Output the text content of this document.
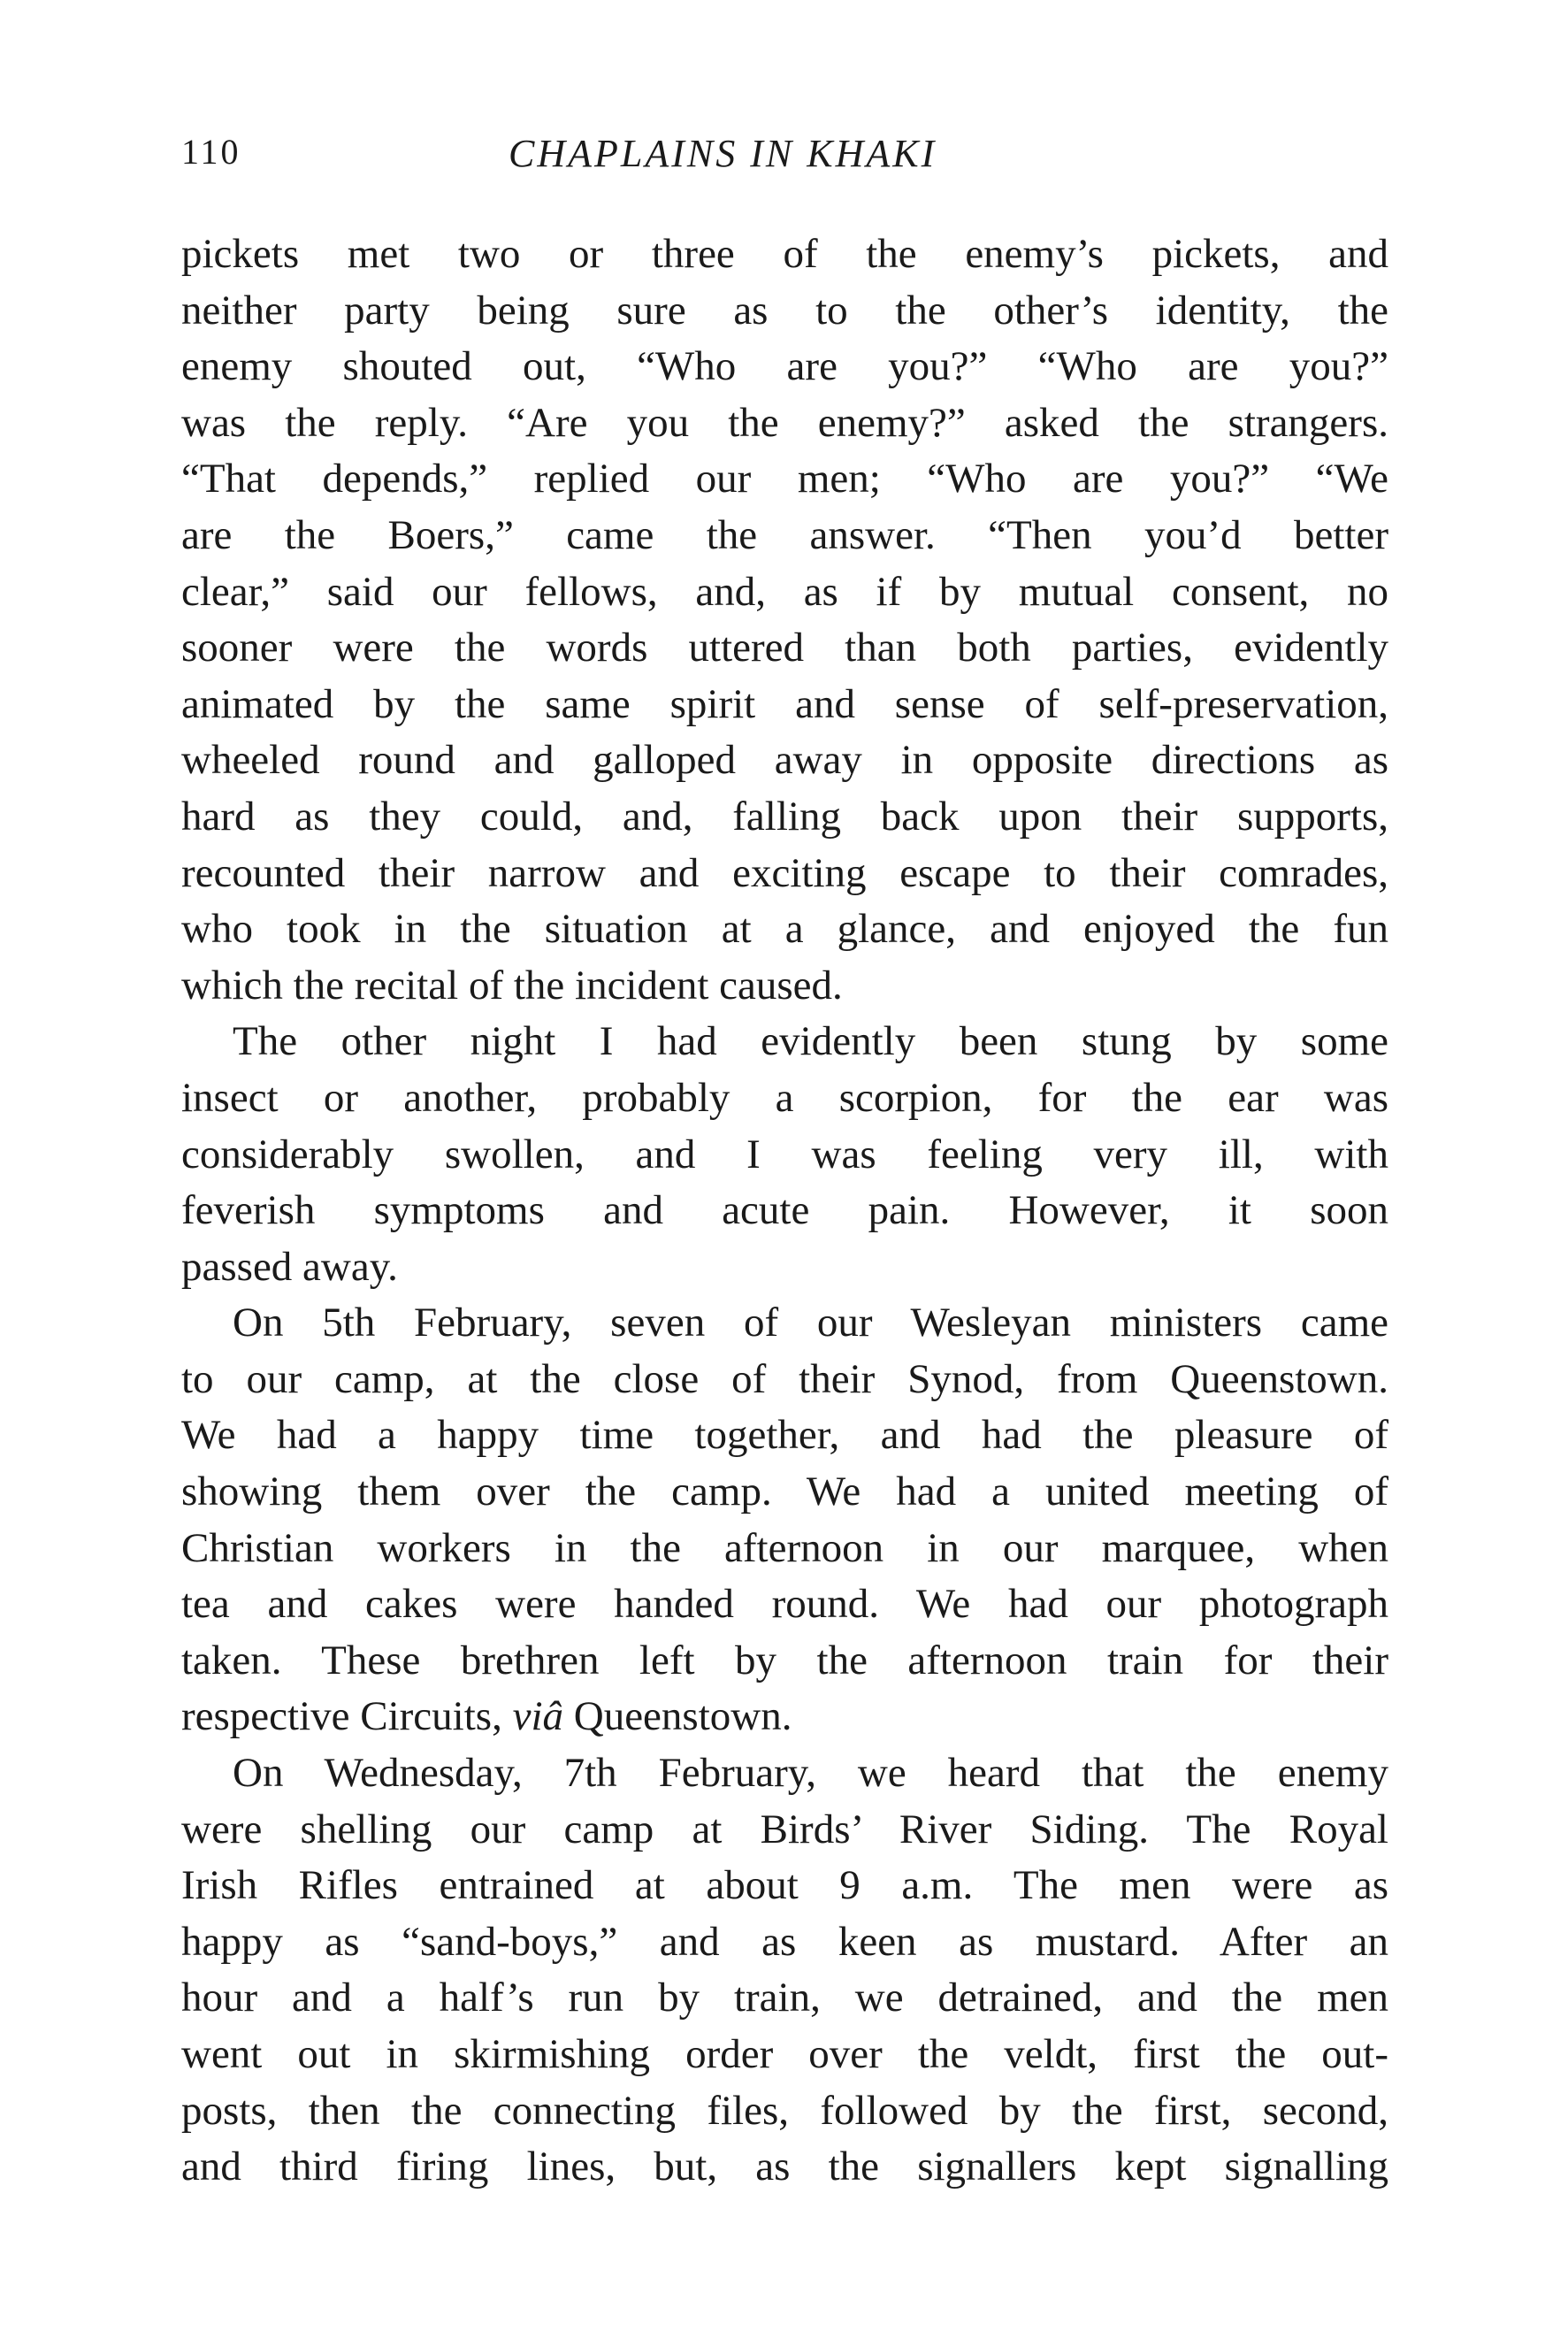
110	CHAPLAINS IN KHAKI
pickets met two or three of the enemy’s pickets, and
neither party being sure as to the other’s identity, the
enemy shouted out, “Who are you?” “Who are you?”
was the reply. “Are you the enemy?” asked the strangers.
“That depends,” replied our men; “Who are you?” “We
are the Boers,” came the answer. “Then you’d better
clear,” said our fellows, and, as if by mutual consent, no
sooner were the words uttered than both parties, evidently
animated by the same spirit and sense of self-preservation,
wheeled round and galloped away in opposite directions as
hard as they could, and, falling back upon their supports,
recounted their narrow and exciting escape to their comrades,
who took in the situation at a glance, and enjoyed the fun
which the recital of the incident caused.
The other night I had evidently been stung by some
insect or another, probably a scorpion, for the ear was
considerably swollen, and I was feeling very ill, with
feverish symptoms and acute pain. However, it soon
passed away.
On 5th February, seven of our Wesleyan ministers came
to our camp, at the close of their Synod, from Queenstown.
We had a happy time together, and had the pleasure of
showing them over the camp. We had a united meeting of
Christian workers in the afternoon in our marquee, when
tea and cakes were handed round. We had our photograph
taken. These brethren left by the afternoon train for their
respective Circuits, viâ Queenstown.
On Wednesday, 7th February, we heard that the enemy
were shelling our camp at Birds’ River Siding. The Royal
Irish Rifles entrained at about 9 a.m. The men were as
happy as “sand-boys,” and as keen as mustard. After an
hour and a half’s run by train, we detrained, and the men
went out in skirmishing order over the veldt, first the out-
posts, then the connecting files, followed by the first, second,
and third firing lines, but, as the signallers kept signalling
